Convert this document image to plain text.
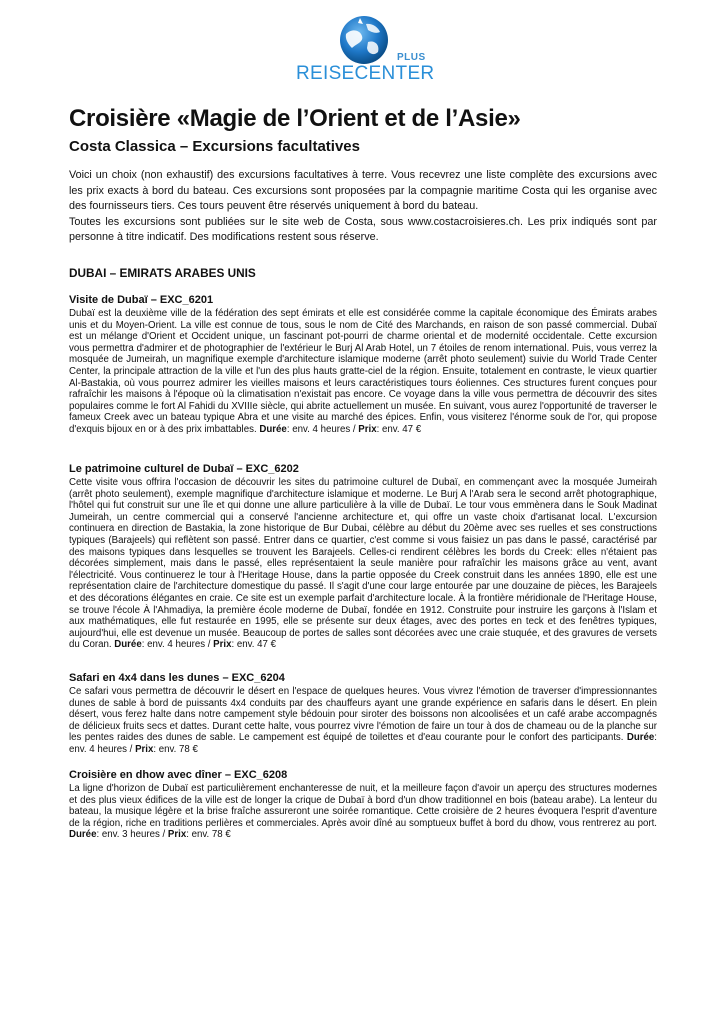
PLUS
REISECENTER
Croisière «Magie de l’Orient et de l’Asie»
Costa Classica – Excursions facultatives

Voici un choix (non exhaustif) des excursions facultatives à terre. Vous recevrez une liste complète des excursions avec les prix exacts à bord du bateau. Ces excursions sont proposées par la compagnie maritime Costa qui les organise avec des fournisseurs tiers. Ces tours peuvent être réservés uniquement à bord du bateau.

Toutes les excursions sont publiées sur le site web de Costa, sous www.costacroisieres.ch. Les prix indiqués sont par personne à titre indicatif. Des modifications restent sous réserve.

DUBAI – EMIRATS ARABES UNIS
Visite de Dubaï – EXC_6201

Dubaï est la deuxième ville de la fédération des sept émirats et elle est considérée comme la capitale économique des Émirats arabes unis et du Moyen-Orient. La ville est connue de tous, sous le nom de Cité des Marchands, en raison de son passé commercial. Dubaï est un mélange d'Orient et Occident unique, un fascinant pot-pourri de charme oriental et de modernité occidentale. Cette excursion vous permettra d'admirer et de photographier de l'extérieur le Burj Al Arab Hotel, un 7 étoiles de renom international. Puis, vous verrez la mosquée de Jumeirah, un magnifique exemple d'architecture islamique moderne (arrêt photo seulement) suivie du World Trade Center Center, la principale attraction de la ville et l'un des plus hauts gratte-ciel de la région. Ensuite, totalement en contraste, le vieux quartier Al-Bastakia, où vous pourrez admirer les vieilles maisons et leurs caractéristiques tours éoliennes. Ces structures furent conçues pour rafraîchir les maisons à l'époque où la climatisation n'existait pas encore. Ce voyage dans la ville vous permettra de découvrir des sites populaires comme le fort Al Fahidi du XVIIIe siècle, qui abrite actuellement un musée. En suivant, vous aurez l'opportunité de traverser le fameux Creek avec un bateau typique Abra et une visite au marché des épices. Enfin, vous visiterez l'énorme souk de l'or, qui propose d'exquis bijoux en or à des prix imbattables. Durée: env. 4 heures / Prix: env. 47 €

Le patrimoine culturel de Dubaï – EXC_6202

Cette visite vous offrira l'occasion de découvrir les sites du patrimoine culturel de Dubaï, en commençant avec la mosquée Jumeirah (arrêt photo seulement), exemple magnifique d'architecture islamique et moderne. Le Burj A l'Arab sera le second arrêt photographique, l'hôtel qui fut construit sur une île et qui donne une allure particulière à la ville de Dubaï. Le tour vous emmènera dans le Souk Madinat Jumeirah, un centre commercial qui a conservé l'ancienne architecture et, qui offre un vaste choix d'artisanat local. L'excursion continuera en direction de Bastakia, la zone historique de Bur Dubai, célèbre au début du 20ème avec ses ruelles et ses constructions typiques (Barajeels) qui reflètent son passé. Entrer dans ce quartier, c'est comme si vous faisiez un pas dans le passé, caractérisé par des maisons typiques dans lesquelles se trouvent les Barajeels. Celles-ci rendirent célèbres les bords du Creek: elles n'étaient pas décorées simplement, mais dans le passé, elles représentaient la seule manière pour rafraîchir les maisons grâce au vent, avant l'électricité. Vous continuerez le tour à l'Heritage House, dans la partie opposée du Creek construit dans les années 1890, elle est une représentation claire de l'architecture domestique du passé. Il s'agit d'une cour large entourée par une douzaine de pièces, les Barajeels et des décorations élégantes en craie. Ce site est un exemple parfait d'architecture locale. À la frontière méridionale de l'Heritage House, se trouve l'école À l'Ahmadiya, la première école moderne de Dubaï, fondée en 1912. Construite pour instruire les garçons à l'Islam et aux mathématiques, elle fut restaurée en 1995, elle se présente sur deux étages, avec des portes en teck et des fenêtres typiques, aujourd'hui, elle est devenue un musée. Beaucoup de portes de salles sont décorées avec une craie stuquée, et des gravures de versets du Coran. Durée: env. 4 heures / Prix: env. 47 €

Safari en 4x4 dans les dunes – EXC_6204

Ce safari vous permettra de découvrir le désert en l'espace de quelques heures. Vous vivrez l'émotion de traverser d'impressionnantes dunes de sable à bord de puissants 4x4 conduits par des chauffeurs ayant une grande expérience en safaris dans le désert. En plein désert, vous ferez halte dans notre campement style bédouin pour siroter des boissons non alcoolisées et un café arabe accompagnés de délicieux fruits secs et dattes. Durant cette halte, vous pourrez vivre l'émotion de faire un tour à dos de chameau ou de la planche sur les pentes raides des dunes de sable. Le campement est équipé de toilettes et d'eau courante pour le confort des participants. Durée: env. 4 heures / Prix: env. 78 €

Croisière en dhow avec dîner – EXC_6208

La ligne d'horizon de Dubaï est particulièrement enchanteresse de nuit, et la meilleure façon d'avoir un aperçu des structures modernes et des plus vieux édifices de la ville est de longer la crique de Dubaï à bord d'un dhow traditionnel en bois (bateau arabe). La lenteur du bateau, la musique légère et la brise fraîche assureront une soirée romantique. Cette croisière de 2 heures évoquera l'esprit d'aventure de la région, riche en traditions perlières et commerciales. Après avoir dîné au somptueux buffet à bord du dhow, vous rentrerez au port. Durée: env. 3 heures / Prix: env. 78 €
